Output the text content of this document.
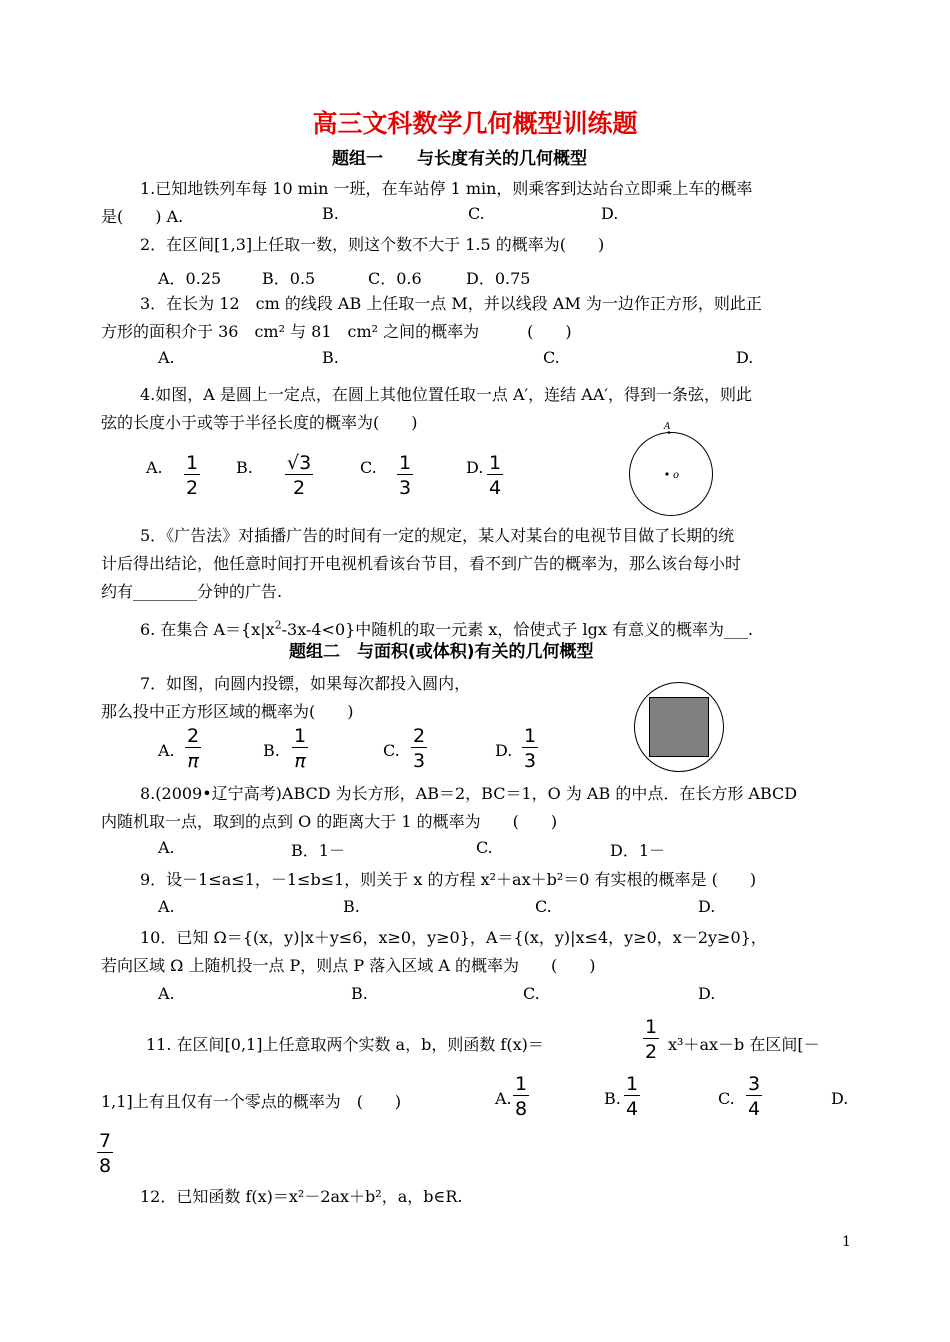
高三文科数学几何概型训练题
题组一　　与长度有关的几何概型
1.已知地铁列车每 10 min 一班，在车站停 1 min，则乘客到达站台立即乘上车的概率
是(　　) A.	B.	C.	D.
2．在区间[1,3]上任取一数，则这个数不大于 1.5 的概率为(　　)
A．0.25	B．0.5	C．0.6	D．0.75
3．在长为 12　cm 的线段 AB 上任取一点 M，并以线段 AM 为一边作正方形，则此正
方形的面积介于 36　cm² 与 81　cm² 之间的概率为　　　(　　)
A.	B.	C.	D.
4.如图，A 是圆上一定点，在圆上其他位置任取一点 A′，连结 AA′，得到一条弦，则此
弦的长度小于或等于半径长度的概率为(　　)
A. $\frac{1}{2} B$. $\frac{√3}{2}$	C. $\frac{1}{3}$	D. $\frac{1}{4}$
A
o
5．《广告法》对插播广告的时间有一定的规定，某人对某台的电视节目做了长期的统
计后得出结论，他任意时间打开电视机看该台节目，看不到广告的概率为，那么该台每小时
约有________分钟的广告.
6. 在集合 $A=\{x|x^2-3x-4<0\}$中随机的取一元素 x，恰使式子 lgx 有意义的概率为___.
题组二　与面积(或体积)有关的几何概型
7．如图，向圆内投镖，如果每次都投入圆内，
那么投中正方形区域的概率为(　　)
A. $\frac{2}{\pi}$	B. $\frac{1}{\pi}$	C. $\frac{2}{3}$	D. $\frac{1}{3}$
8.(2009•辽宁高考)ABCD 为长方形，AB＝2，BC＝1，O 为 AB 的中点．在长方形 ABCD
内随机取一点，取到的点到 O 的距离大于 1 的概率为　　(　　)
A.	B．1－	C.	D．1－
9．设－1≤a≤1，－1≤b≤1，则关于 x 的方程 x²＋ax＋b²＝0 有实根的概率是 (　　)
A.	B.	C.	D.
10．已知 Ω＝{(x，y)|x＋y≤6，x≥0，y≥0}，A＝{(x，y)|x≤4，y≥0，x－2y≥0}，
若向区域 Ω 上随机投一点 P，则点 P 落入区域 A 的概率为　　(　　)
A.	B.	C.	D.
11. 在区间[0,1]上任意取两个实数 a，b，则函数 f(x)＝	$\frac{1}{2} x^3+ax-b$ 在区间[－
1,1]上有且仅有一个零点的概率为　(　　)	A. $\frac{1}{8}$	B. $\frac{1}{4}$	C. $\frac{3}{4}$	D.
$\frac{7}{8}$
12．已知函数 f(x)＝x²－2ax＋b²，a，b∈R.
1
